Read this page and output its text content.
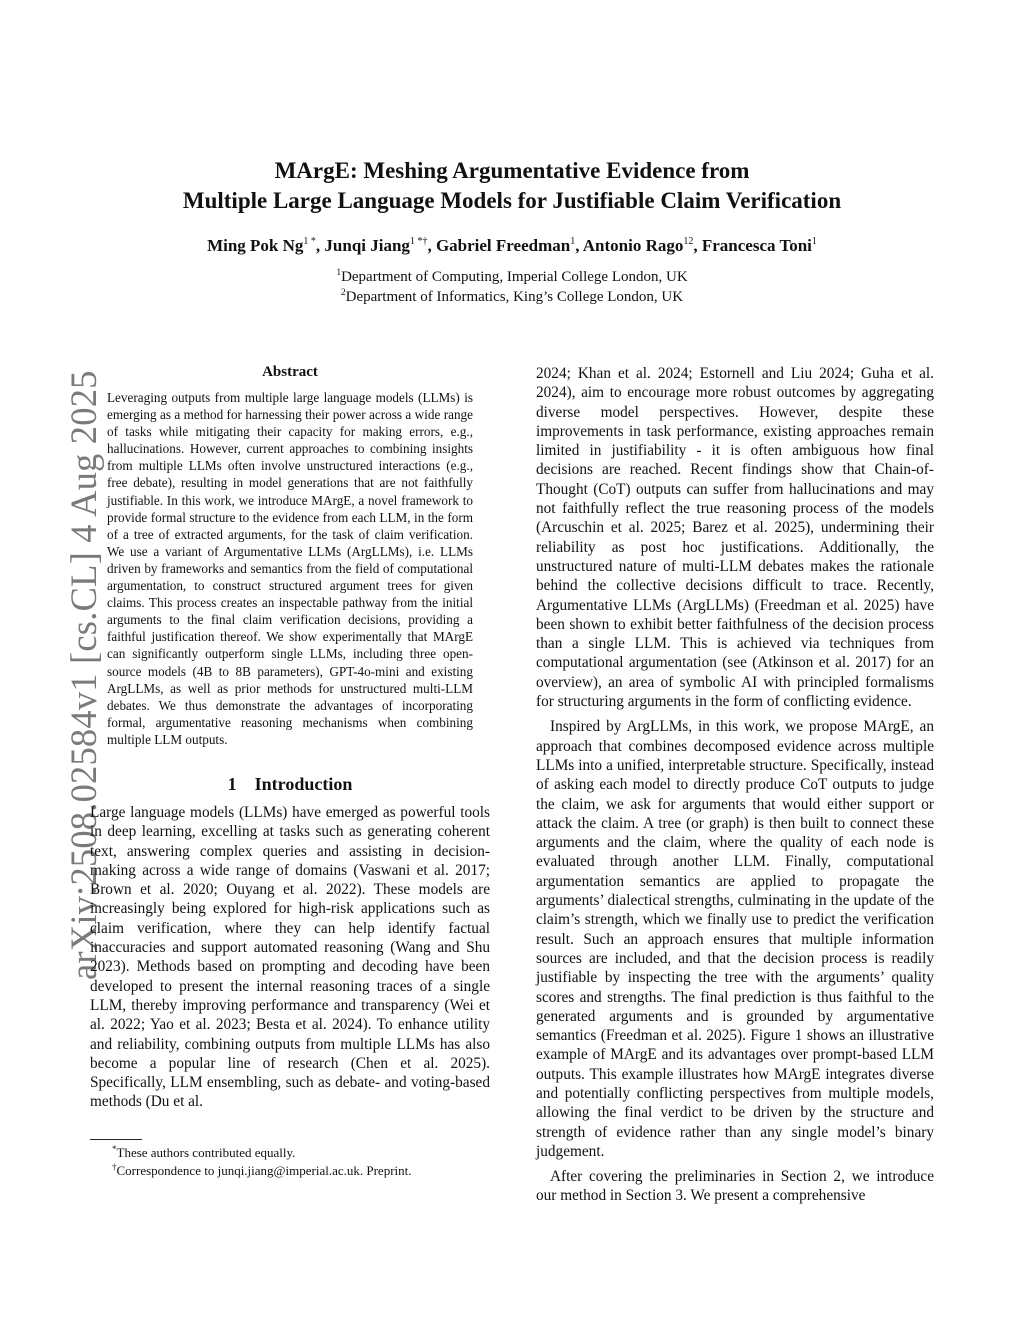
arXiv:2508.02584v1 [cs.CL] 4 Aug 2025
MArgE: Meshing Argumentative Evidence from
Multiple Large Language Models for Justifiable Claim Verification
Ming Pok $Ng^{1 *}$, Junqi Jiang$^{1 *\dagger}$, Gabriel Freedman$^1$, Antonio Rago$^{12}$, Francesca Toni$^1$
$^1$Department of Computing, Imperial College London, UK
$^2$Department of Informatics, King’s College London, UK
Abstract

Leveraging outputs from multiple large language models (LLMs) is emerging as a method for harnessing their power across a wide range of tasks while mitigating their capacity for making errors, e.g., hallucinations. However, current approaches to combining insights from multiple LLMs often involve unstructured interactions (e.g., free debate), resulting in model generations that are not faithfully justifiable. In this work, we introduce MArgE, a novel framework to provide formal structure to the evidence from each LLM, in the form of a tree of extracted arguments, for the task of claim verification. We use a variant of Argumentative LLMs (ArgLLMs), i.e. LLMs driven by frameworks and semantics from the field of computational argumentation, to construct structured argument trees for given claims. This process creates an inspectable pathway from the initial arguments to the final claim verification decisions, providing a faithful justification thereof. We show experimentally that MArgE can significantly outperform single LLMs, including three open-source models (4B to 8B parameters), GPT-4o-mini and existing ArgLLMs, as well as prior methods for unstructured multi-LLM debates. We thus demonstrate the advantages of incorporating formal, argumentative reasoning mechanisms when combining multiple LLM outputs.

1 Introduction

Large language models (LLMs) have emerged as powerful tools in deep learning, excelling at tasks such as generating coherent text, answering complex queries and assisting in decision-making across a wide range of domains (Vaswani et al. 2017; Brown et al. 2020; Ouyang et al. 2022). These models are increasingly being explored for high-risk applications such as claim verification, where they can help identify factual inaccuracies and support automated reasoning (Wang and Shu 2023). Methods based on prompting and decoding have been developed to present the internal reasoning traces of a single LLM, thereby improving performance and transparency (Wei et al. 2022; Yao et al. 2023; Besta et al. 2024). To enhance utility and reliability, combining outputs from multiple LLMs has also become a popular line of research (Chen et al. 2025). Specifically, LLM ensembling, such as debate- and voting-based methods (Du et al.

*These authors contributed equally.
†Correspondence to junqi.jiang@imperial.ac.uk. Preprint.

2024; Khan et al. 2024; Estornell and Liu 2024; Guha et al. 2024), aim to encourage more robust outcomes by aggregating diverse model perspectives. However, despite these improvements in task performance, existing approaches remain limited in justifiability - it is often ambiguous how final decisions are reached. Recent findings show that Chain-of-Thought (CoT) outputs can suffer from hallucinations and may not faithfully reflect the true reasoning process of the models (Arcuschin et al. 2025; Barez et al. 2025), undermining their reliability as post hoc justifications. Additionally, the unstructured nature of multi-LLM debates makes the rationale behind the collective decisions difficult to trace. Recently, Argumentative LLMs (ArgLLMs) (Freedman et al. 2025) have been shown to exhibit better faithfulness of the decision process than a single LLM. This is achieved via techniques from computational argumentation (see (Atkinson et al. 2017) for an overview), an area of symbolic AI with principled formalisms for structuring arguments in the form of conflicting evidence.

Inspired by ArgLLMs, in this work, we propose MArgE, an approach that combines decomposed evidence across multiple LLMs into a unified, interpretable structure. Specifically, instead of asking each model to directly produce CoT outputs to judge the claim, we ask for arguments that would either support or attack the claim. A tree (or graph) is then built to connect these arguments and the claim, where the quality of each node is evaluated through another LLM. Finally, computational argumentation semantics are applied to propagate the arguments’ dialectical strengths, culminating in the update of the claim’s strength, which we finally use to predict the verification result. Such an approach ensures that multiple information sources are included, and that the decision process is readily justifiable by inspecting the tree with the arguments’ quality scores and strengths. The final prediction is thus faithful to the generated arguments and is grounded by argumentative semantics (Freedman et al. 2025). Figure 1 shows an illustrative example of MArgE and its advantages over prompt-based LLM outputs. This example illustrates how MArgE integrates diverse and potentially conflicting perspectives from multiple models, allowing the final verdict to be driven by the structure and strength of evidence rather than any single model’s binary judgement.

After covering the preliminaries in Section 2, we introduce our method in Section 3. We present a comprehensive
